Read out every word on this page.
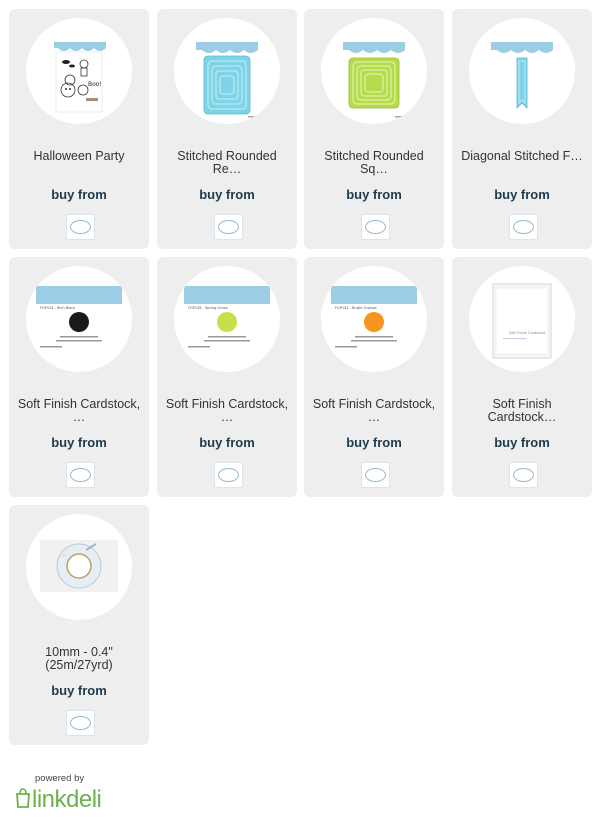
Boo!
Halloween Party
buy from
Stitched Rounded Re…
buy from
Stitched Rounded Sq…
buy from
Diagonal Stitched F…
buy from
FGP124 - Rich Black
Soft Finish Cardstock, …
buy from
FGP128 - Spring Green
Soft Finish Cardstock, …
buy from
FGP142 - Bright Orange
Soft Finish Cardstock, …
buy from
Soft Finish Cardstock
Soft Finish Cardstock…
buy from
···
10mm - 0.4" (25m/27yrd)
buy from
powered by
linkdeli
